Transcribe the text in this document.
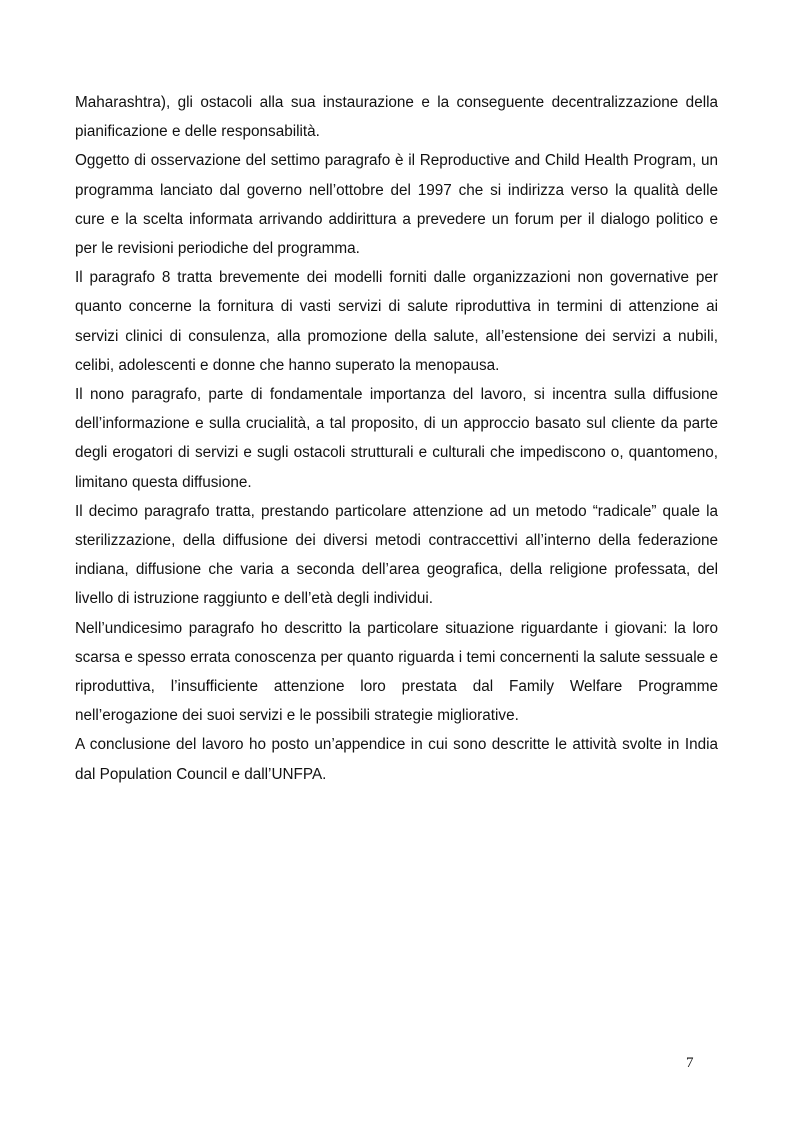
Maharashtra), gli ostacoli alla sua instaurazione e la conseguente decentralizzazione della pianificazione e delle responsabilità.

Oggetto di osservazione del settimo paragrafo è il Reproductive and Child Health Program, un programma lanciato dal governo nell’ottobre del 1997 che si indirizza verso la qualità delle cure e la scelta informata arrivando addirittura a prevedere un forum per il dialogo politico e per le revisioni periodiche del programma.

Il paragrafo 8 tratta brevemente dei modelli forniti dalle organizzazioni non governative per quanto concerne la fornitura di vasti servizi di salute riproduttiva in termini di attenzione ai servizi clinici di consulenza, alla promozione della salute, all’estensione dei servizi a nubili, celibi, adolescenti e donne che hanno superato la menopausa.

Il nono paragrafo, parte di fondamentale importanza del lavoro, si incentra sulla diffusione dell’informazione e sulla crucialità, a tal proposito, di un approccio basato sul cliente da parte degli erogatori di servizi e sugli ostacoli strutturali e culturali che impediscono o, quantomeno, limitano questa diffusione.

Il decimo paragrafo tratta, prestando particolare attenzione ad un metodo “radicale” quale la sterilizzazione, della diffusione dei diversi metodi contraccettivi all’interno della federazione indiana, diffusione che varia a seconda dell’area geografica, della religione professata, del livello di istruzione raggiunto e dell’età degli individui.

Nell’undicesimo paragrafo ho descritto la particolare situazione riguardante i giovani: la loro scarsa e spesso errata conoscenza per quanto riguarda i temi concernenti la salute sessuale e riproduttiva, l’insufficiente attenzione loro prestata dal Family Welfare Programme nell’erogazione dei suoi servizi e le possibili strategie migliorative.

A conclusione del lavoro ho posto un’appendice in cui sono descritte le attività svolte in India dal Population Council e dall’UNFPA.

7
